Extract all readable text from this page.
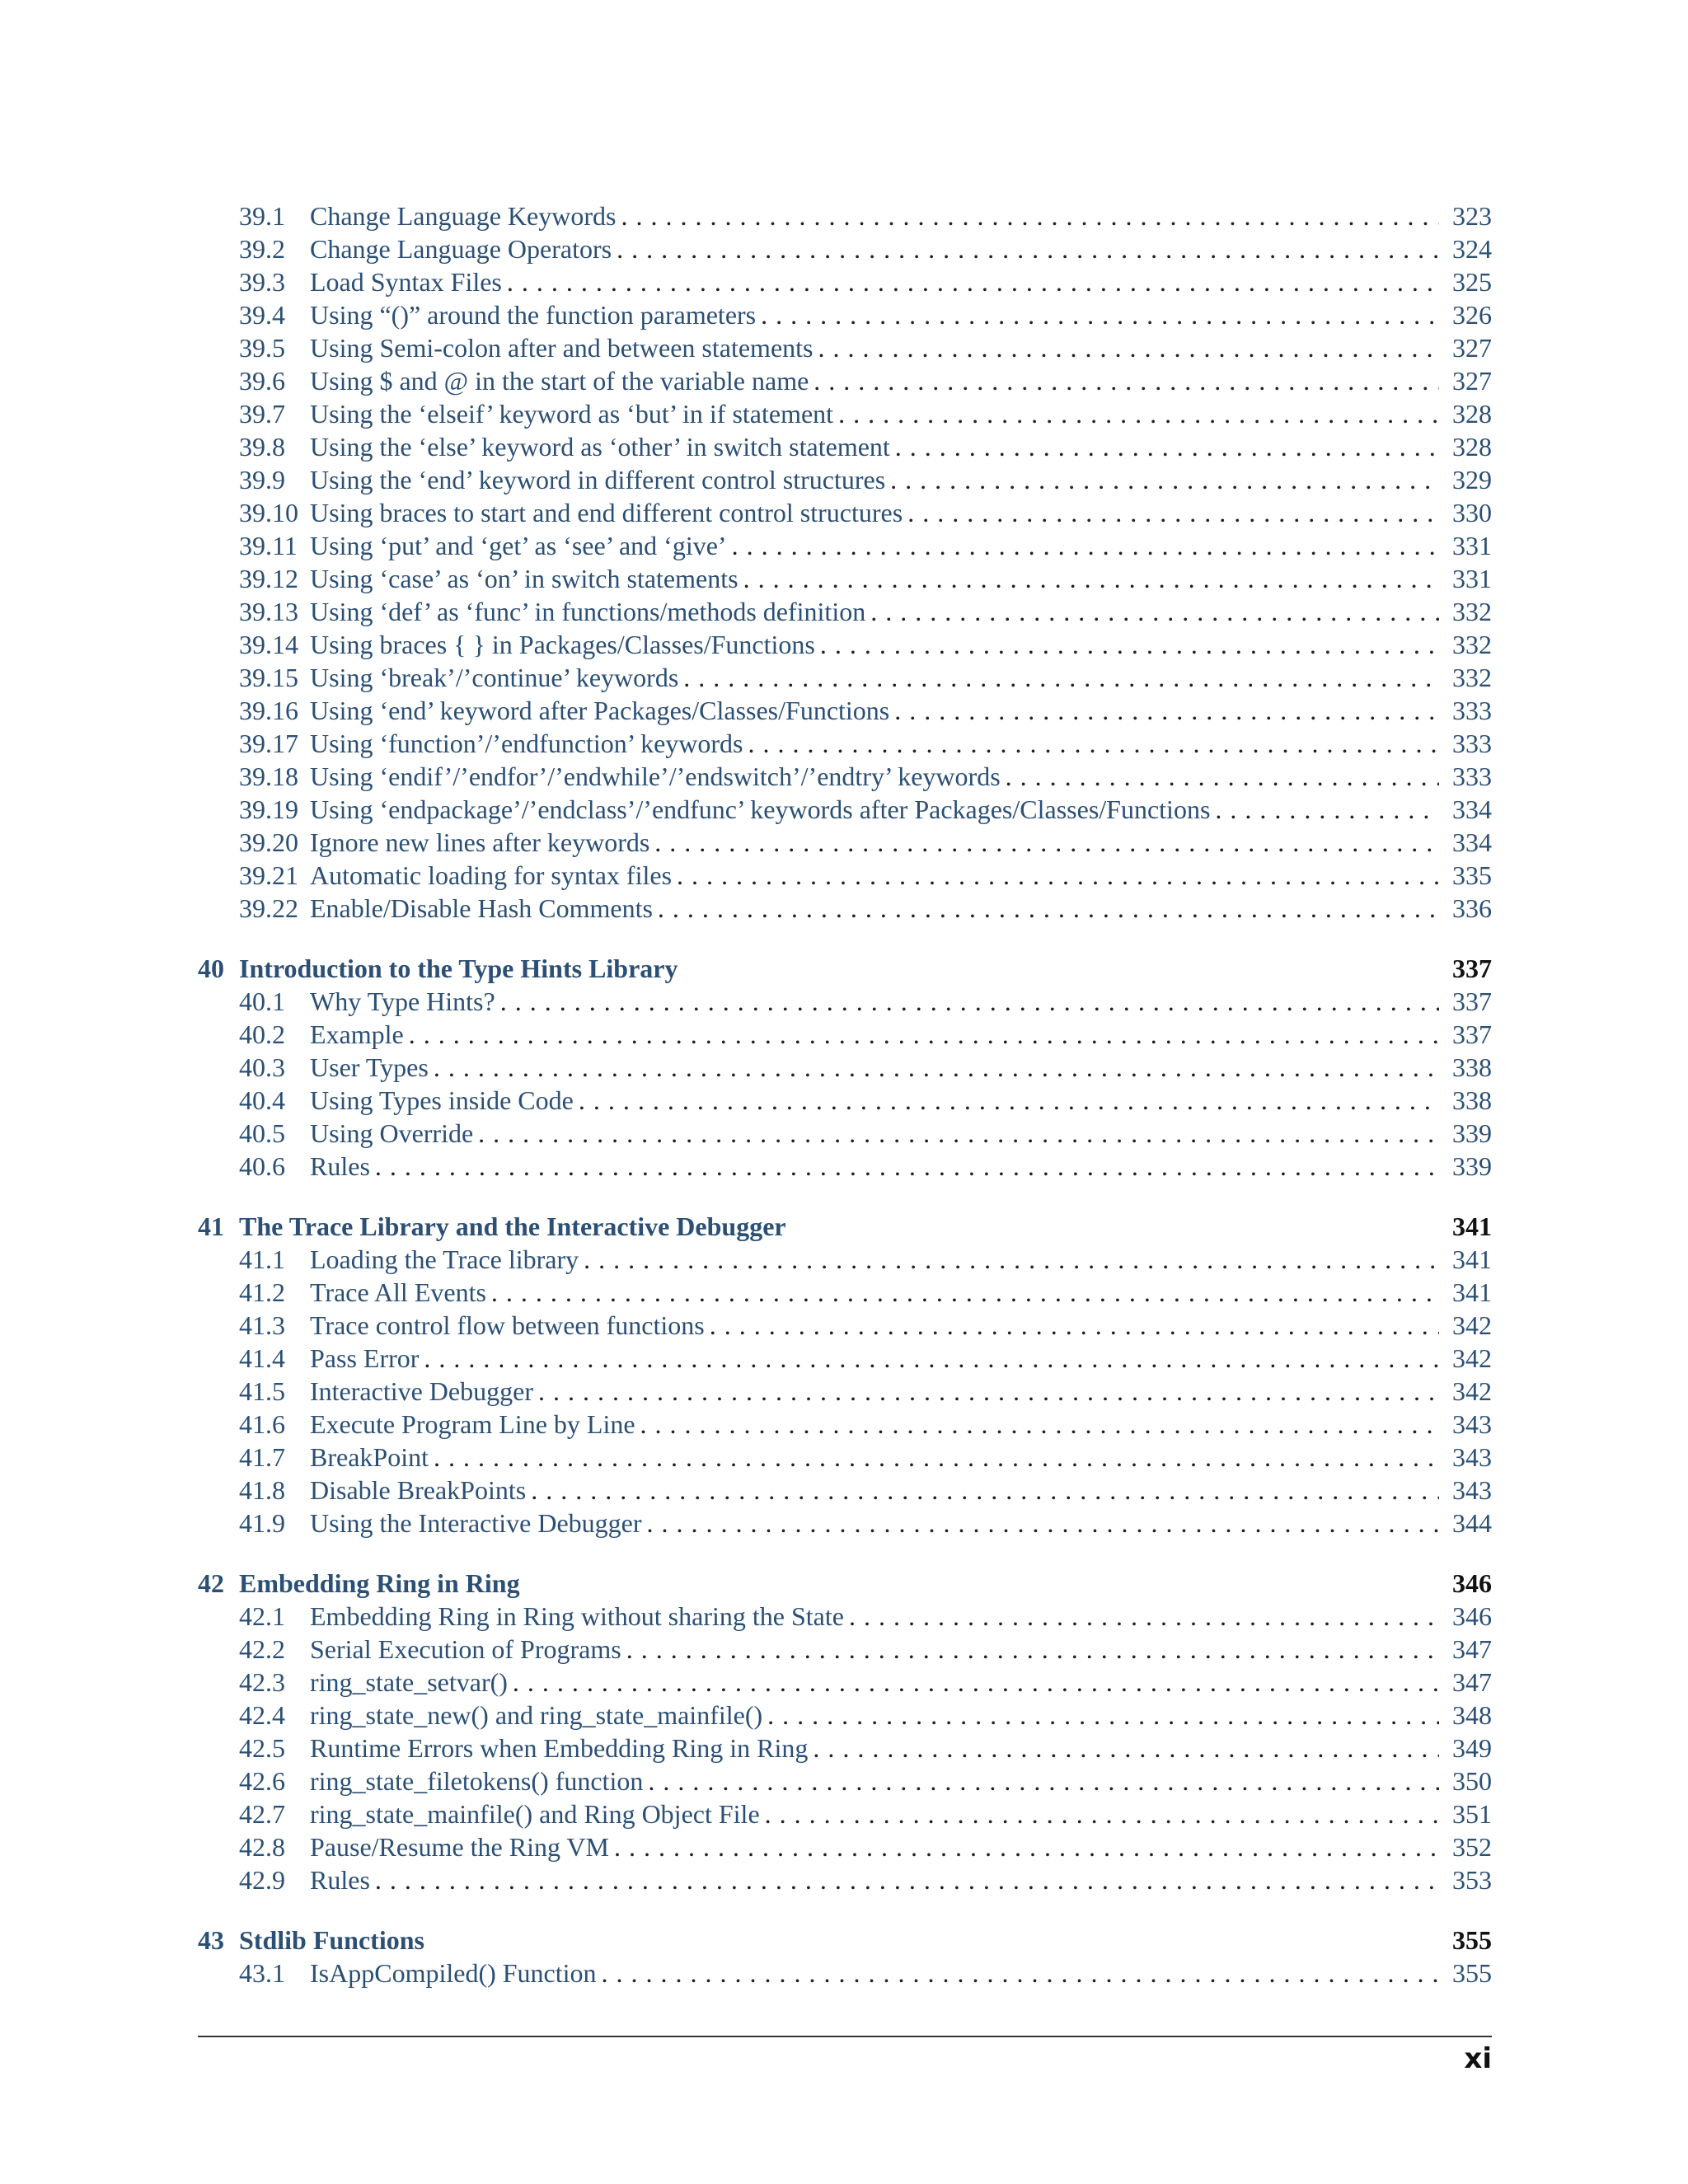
39.1 Change Language Keywords . . .	323
39.2 Change Language Operators . . .	324
39.3 Load Syntax Files . . .	325
39.4 Using “()” around the function parameters . . .	326
39.5 Using Semi-colon after and between statements . . .	327
39.6 Using $ and @ in the start of the variable name . . .	327
39.7 Using the ‘elseif’ keyword as ‘but’ in if statement . . .	328
39.8 Using the ‘else’ keyword as ‘other’ in switch statement . . .	328
39.9 Using the ‘end’ keyword in different control structures . . .	329
39.10 Using braces to start and end different control structures . . .	330
39.11 Using ‘put’ and ‘get’ as ‘see’ and ‘give’ . . .	331
39.12 Using ‘case’ as ‘on’ in switch statements . . .	331
39.13 Using ‘def’ as ‘func’ in functions/methods definition . . .	332
39.14 Using braces { } in Packages/Classes/Functions . . .	332
39.15 Using ‘break’/’continue’ keywords . . .	332
39.16 Using ‘end’ keyword after Packages/Classes/Functions . . .	333
39.17 Using ‘function’/’endfunction’ keywords . . .	333
39.18 Using ‘endif’/’endfor’/’endwhile’/’endswitch’/’endtry’ keywords . . .	333
39.19 Using ‘endpackage’/’endclass’/’endfunc’ keywords after Packages/Classes/Functions . . .	334
39.20 Ignore new lines after keywords . . .	334
39.21 Automatic loading for syntax files . . .	335
39.22 Enable/Disable Hash Comments . . .	336
40 Introduction to the Type Hints Library	337
40.1 Why Type Hints? . . .	337
40.2 Example . . .	337
40.3 User Types . . .	338
40.4 Using Types inside Code . . .	338
40.5 Using Override . . .	339
40.6 Rules . . .	339
41 The Trace Library and the Interactive Debugger	341
41.1 Loading the Trace library . . .	341
41.2 Trace All Events . . .	341
41.3 Trace control flow between functions . . .	342
41.4 Pass Error . . .	342
41.5 Interactive Debugger . . .	342
41.6 Execute Program Line by Line . . .	343
41.7 BreakPoint . . .	343
41.8 Disable BreakPoints . . .	343
41.9 Using the Interactive Debugger . . .	344
42 Embedding Ring in Ring	346
42.1 Embedding Ring in Ring without sharing the State . . .	346
42.2 Serial Execution of Programs . . .	347
42.3 ring_state_setvar() . . .	347
42.4 ring_state_new() and ring_state_mainfile() . . .	348
42.5 Runtime Errors when Embedding Ring in Ring . . .	349
42.6 ring_state_filetokens() function . . .	350
42.7 ring_state_mainfile() and Ring Object File . . .	351
42.8 Pause/Resume the Ring VM . . .	352
42.9 Rules . . .	353
43 Stdlib Functions	355
43.1 IsAppCompiled() Function . . .	355
xi
